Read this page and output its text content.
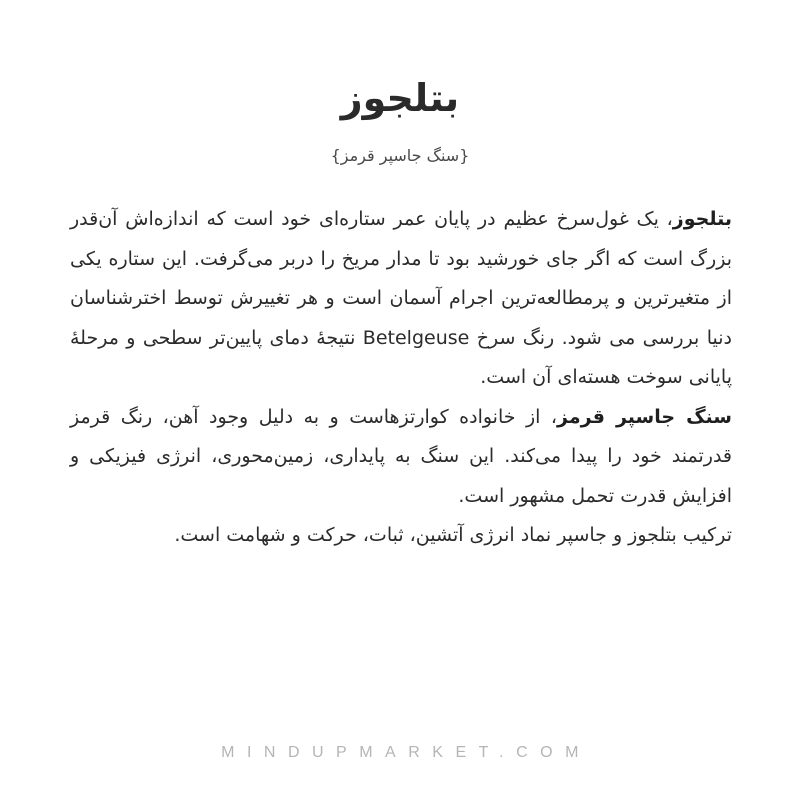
بتلجوز
{سنگ جاسپر قرمز}

بتلجوز، یک غول‌سرخ عظیم در پایان عمر ستاره‌ای خود است که اندازه‌اش آن‌قدر بزرگ است که اگر جای خورشید بود تا مدار مریخ را دربر می‌گرفت. این ستاره یکی از متغیرترین و پرمطالعه‌ترین اجرام آسمان است و هر تغییرش توسط اخترشناسان دنیا بررسی می شود. رنگ سرخ Betelgeuse نتیجهٔ دمای پایین‌تر سطحی و مرحلهٔ پایانی سوخت هسته‌ای آن است.

سنگ جاسپر قرمز، از خانواده کوارتزهاست و به دلیل وجود آهن، رنگ قرمز قدرتمند خود را پیدا می‌کند. این سنگ به پایداری، زمین‌محوری، انرژی فیزیکی و افزایش قدرت تحمل مشهور است.

ترکیب بتلجوز و جاسپر نماد انرژی آتشین، ثبات، حرکت و شهامت است.

MINDUPMARKET.COM
